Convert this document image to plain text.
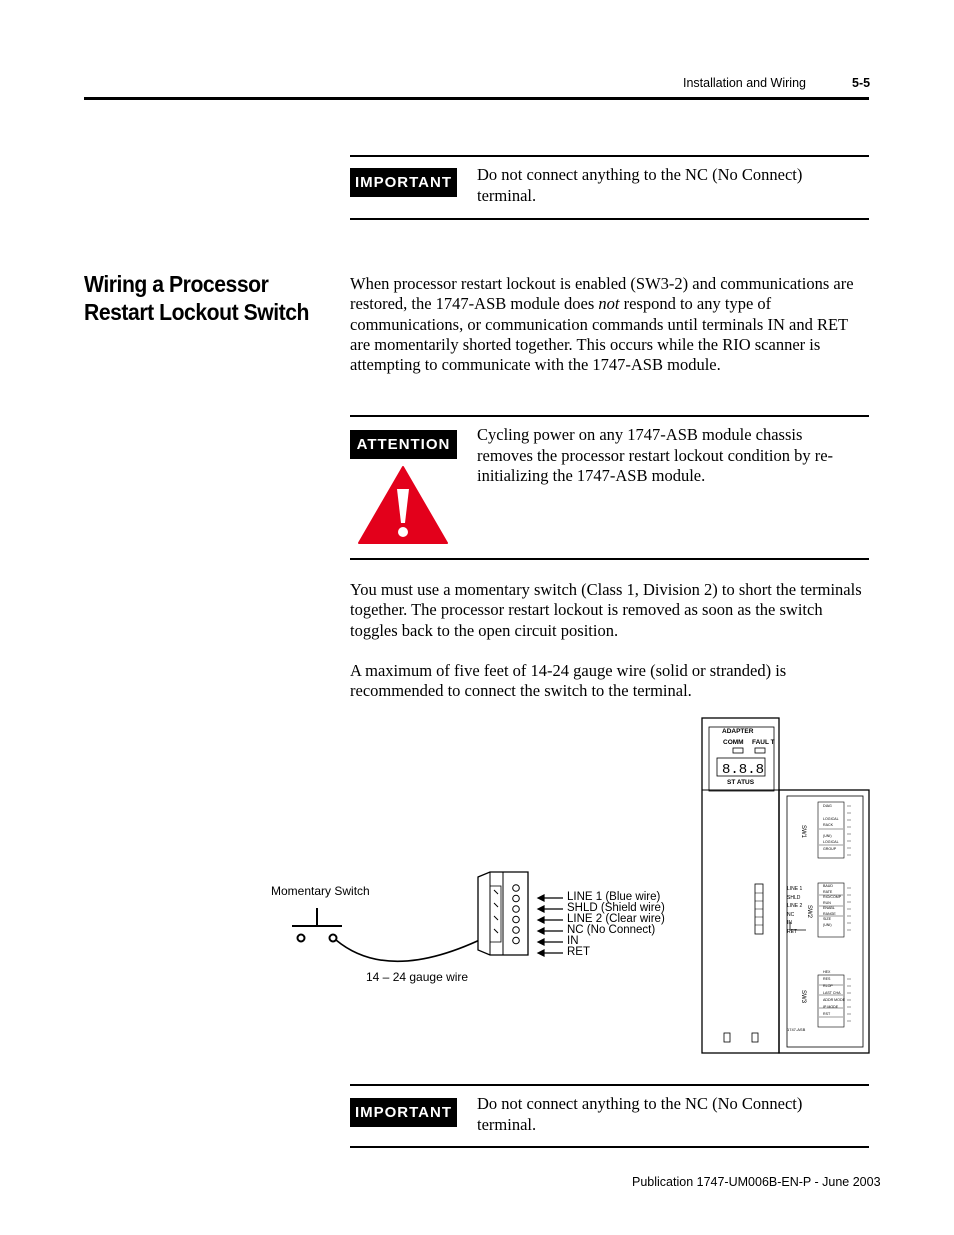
Installation and Wiring	5-5
IMPORTANT	Do not connect anything to the NC (No Connect) terminal.
Wiring a Processor Restart Lockout Switch
When processor restart lockout is enabled (SW3-2) and communications are restored, the 1747-ASB module does not respond to any type of communications, or communication commands until terminals IN and RET are momentarily shorted together. This occurs while the RIO scanner is attempting to communicate with the 1747-ASB module.
ATTENTION
Cycling power on any 1747-ASB module chassis removes the processor restart lockout condition by re-initializing the 1747-ASB module.
You must use a momentary switch (Class 1, Division 2) to short the terminals together. The processor restart lockout is removed as soon as the switch toggles back to the open circuit position.
A maximum of five feet of 14-24 gauge wire (solid or stranded) is recommended to connect the switch to the terminal.
8.8.8
Momentary Switch
14 – 24 gauge wire
LINE 1 (Blue wire)
SHLD (Shield wire)
LINE 2 (Clear wire)
NC (No Connect)
IN
RET
ADAPTER
COMM FAUL T
ST ATUS
SW1
SW2
SW3
LINE 1
SHLD
LINE 2
NC
IN
RET
DIAG
LOGICAL RACK
(UNI)
LOGICAL GROUP
BAUD RATE
RIO/COMP
RUN
ENABL
RANGE SIZE
(UNI)
HEX
RES
RLOP
LAST CHA
ADDR MODE
IP MODE
RST
1747-ASB
IMPORTANT	Do not connect anything to the NC (No Connect) terminal.
Publication 1747-UM006B-EN-P - June 2003
